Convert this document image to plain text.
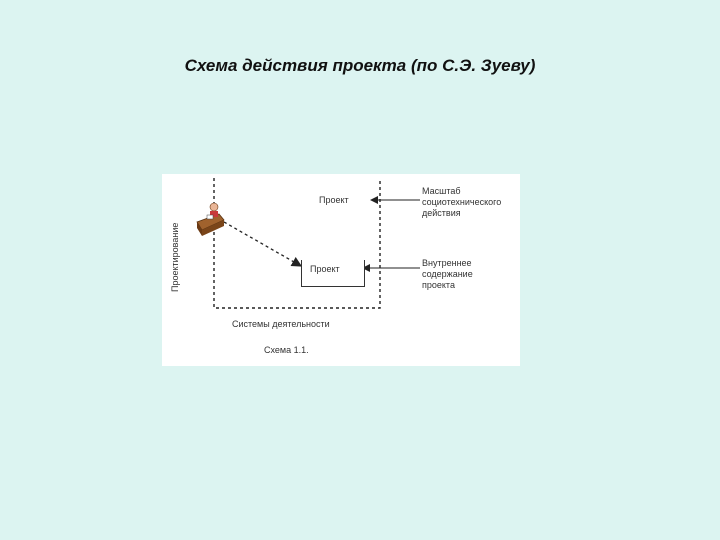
Схема действия проекта (по С.Э. Зуеву)
Проектирование
Проект
Проект
Масштаб
социотехнического
действия
Внутреннее
содержание
проекта
Системы деятельности
Схема 1.1.
